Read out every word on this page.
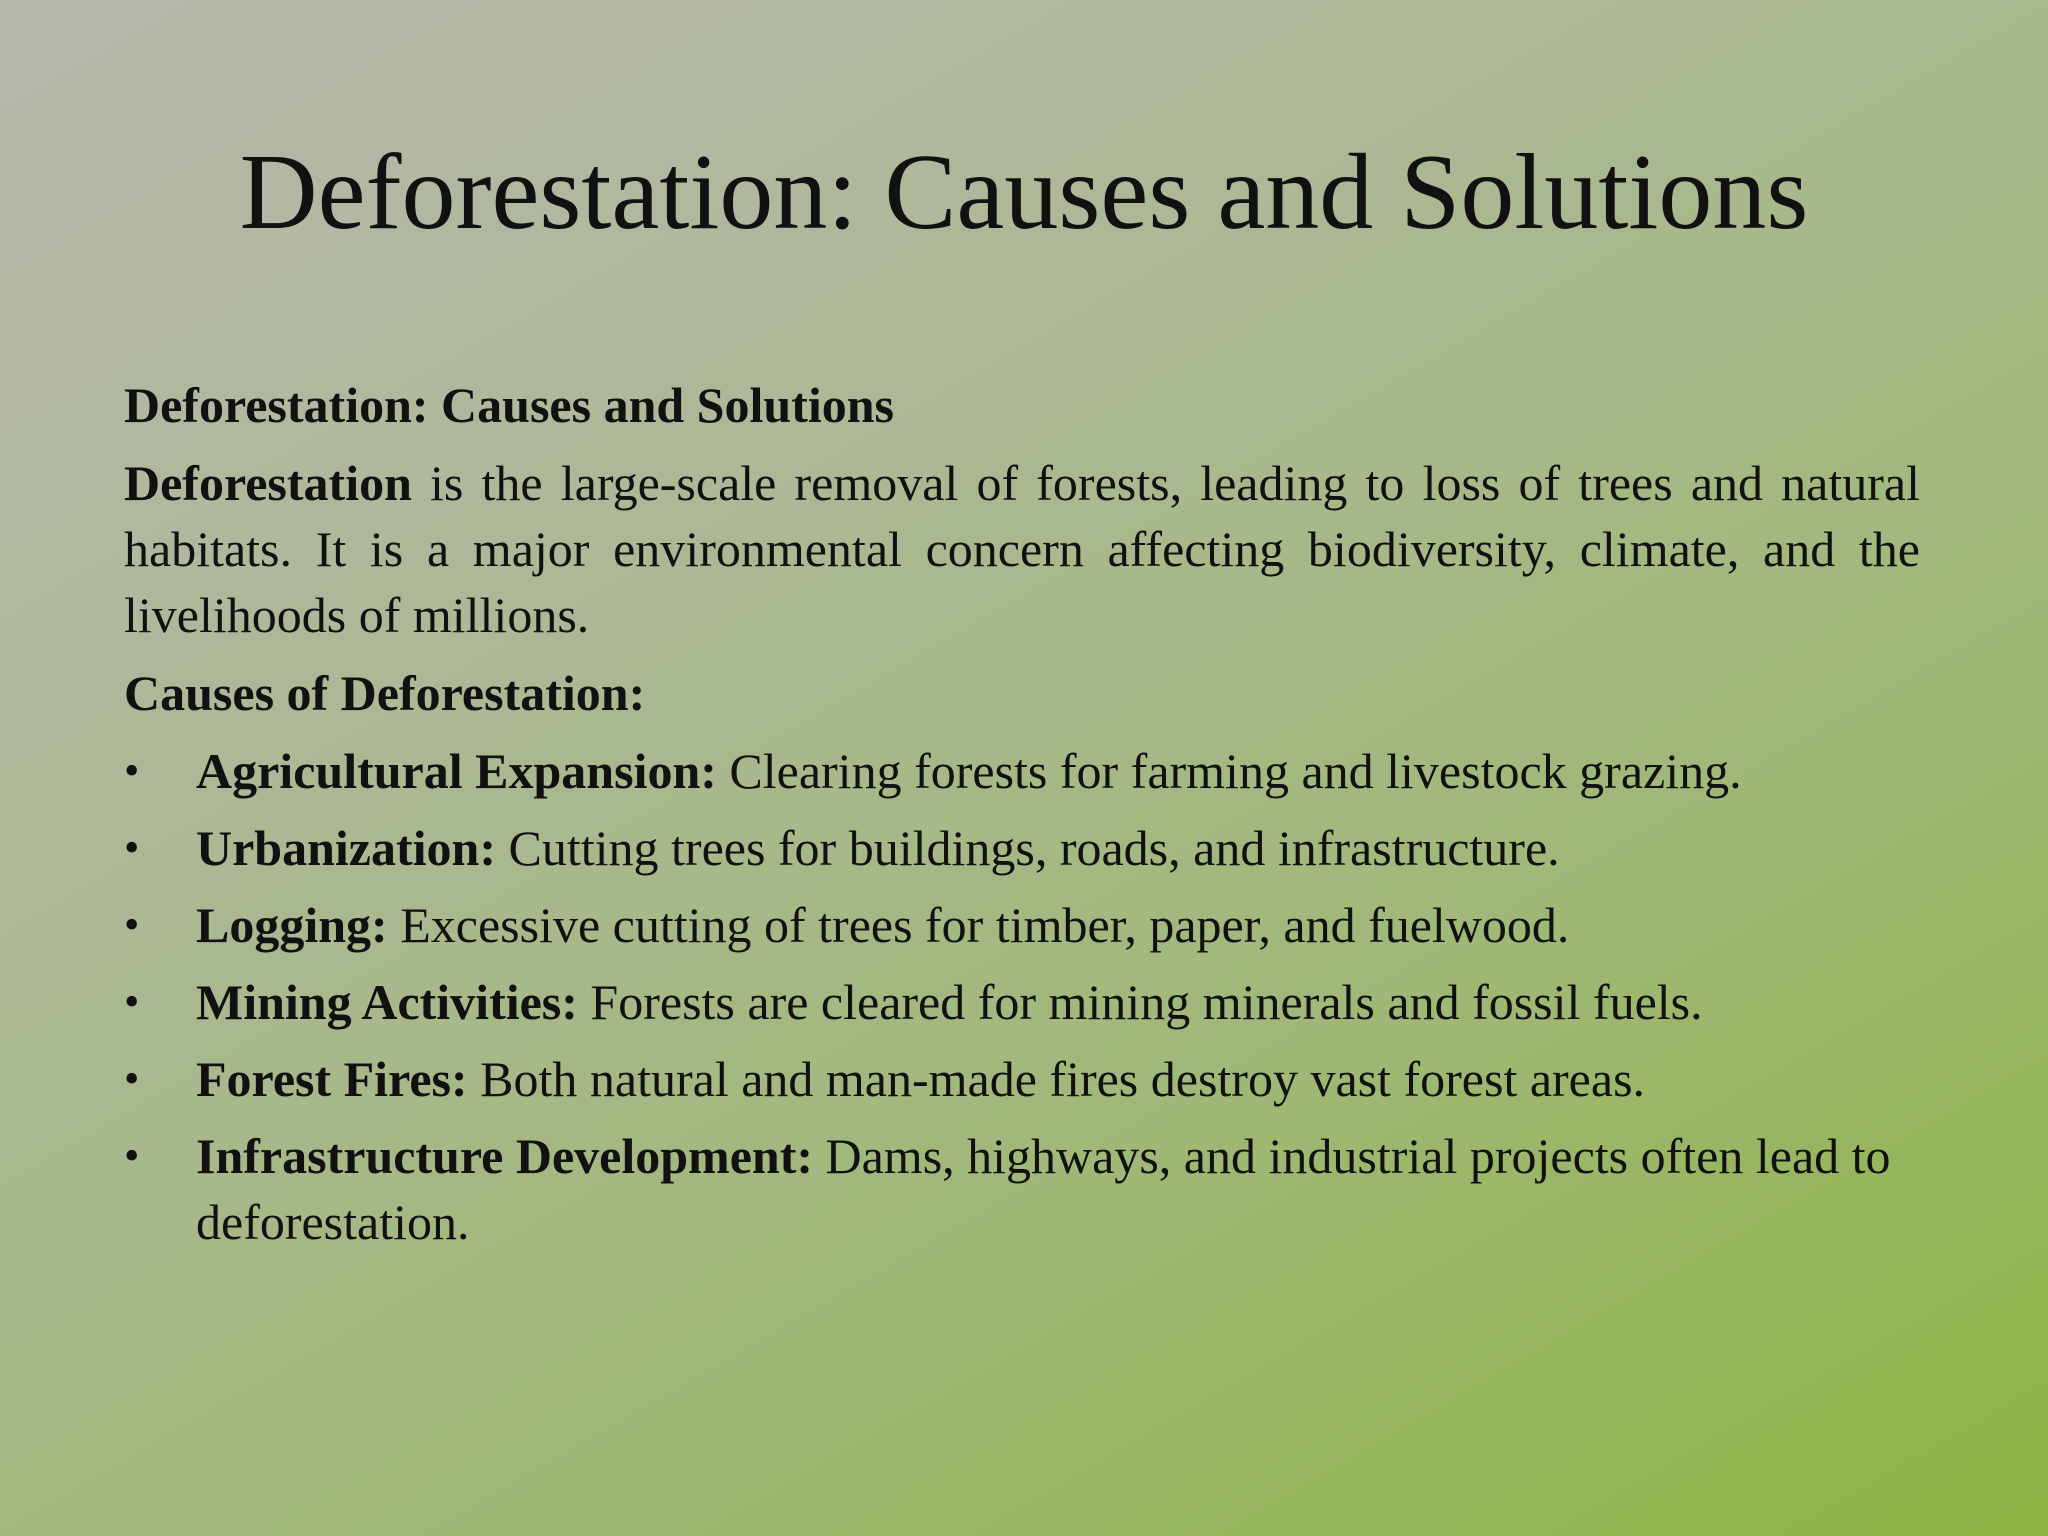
Deforestation: Causes and Solutions

Deforestation: Causes and Solutions

Deforestation is the large-scale removal of forests, leading to loss of trees and natural habitats. It is a major environmental concern affecting biodiversity, climate, and the livelihoods of millions.

Causes of Deforestation:

• Agricultural Expansion: Clearing forests for farming and livestock grazing.
• Urbanization: Cutting trees for buildings, roads, and infrastructure.
• Logging: Excessive cutting of trees for timber, paper, and fuelwood.
• Mining Activities: Forests are cleared for mining minerals and fossil fuels.
• Forest Fires: Both natural and man-made fires destroy vast forest areas.
• Infrastructure Development: Dams, highways, and industrial projects often lead to deforestation.
